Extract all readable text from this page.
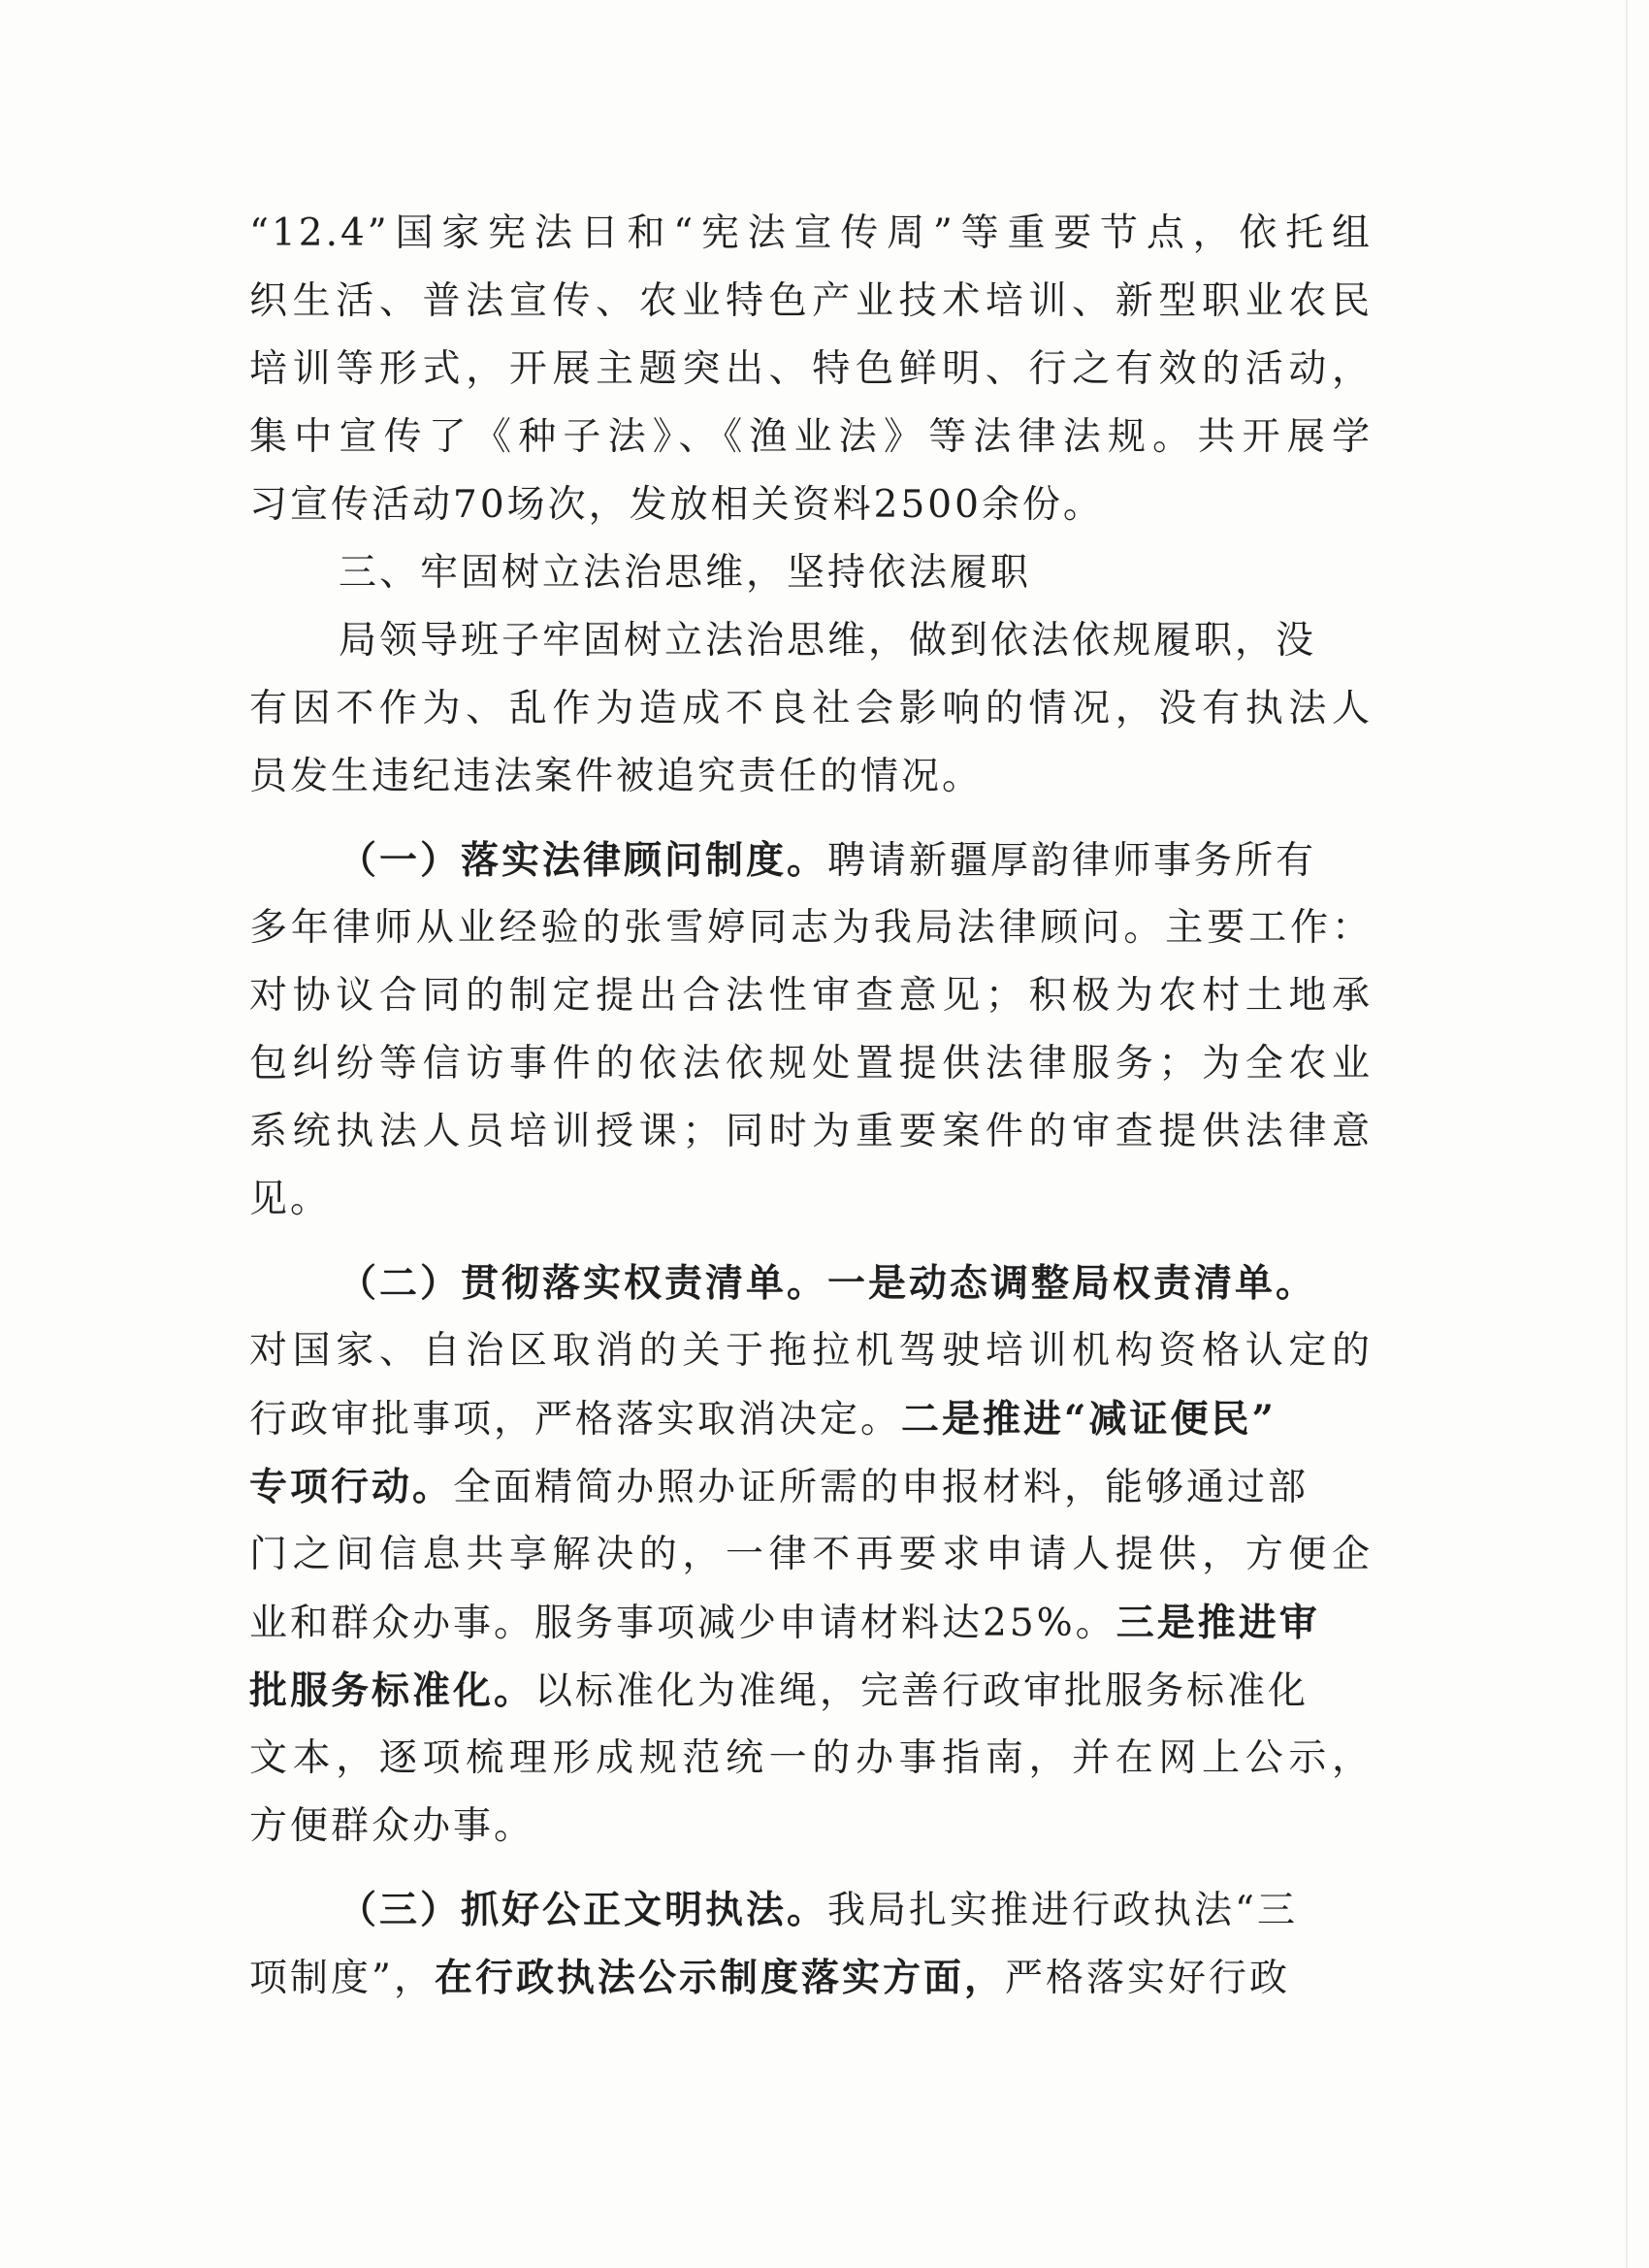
“12.4”国家宪法日和“宪法宣传周”等重要节点，依托组
织生活、普法宣传、农业特色产业技术培训、新型职业农民
培训等形式，开展主题突出、特色鲜明、行之有效的活动，
集中宣传了《种子法》、《渔业法》等法律法规。共开展学
习宣传活动70场次，发放相关资料2500余份。
三、牢固树立法治思维，坚持依法履职
局领导班子牢固树立法治思维，做到依法依规履职，没
有因不作为、乱作为造成不良社会影响的情况，没有执法人
员发生违纪违法案件被追究责任的情况。
（一）落实法律顾问制度。聘请新疆厚韵律师事务所有
多年律师从业经验的张雪婷同志为我局法律顾问。主要工作：
对协议合同的制定提出合法性审查意见；积极为农村土地承
包纠纷等信访事件的依法依规处置提供法律服务；为全农业
系统执法人员培训授课；同时为重要案件的审查提供法律意
见。
（二）贯彻落实权责清单。一是动态调整局权责清单。
对国家、自治区取消的关于拖拉机驾驶培训机构资格认定的
行政审批事项，严格落实取消决定。二是推进“减证便民”
专项行动。全面精简办照办证所需的申报材料，能够通过部
门之间信息共享解决的，一律不再要求申请人提供，方便企
业和群众办事。服务事项减少申请材料达25%。三是推进审
批服务标准化。以标准化为准绳，完善行政审批服务标准化
文本，逐项梳理形成规范统一的办事指南，并在网上公示，
方便群众办事。
（三）抓好公正文明执法。我局扎实推进行政执法“三
项制度”，在行政执法公示制度落实方面，严格落实好行政
